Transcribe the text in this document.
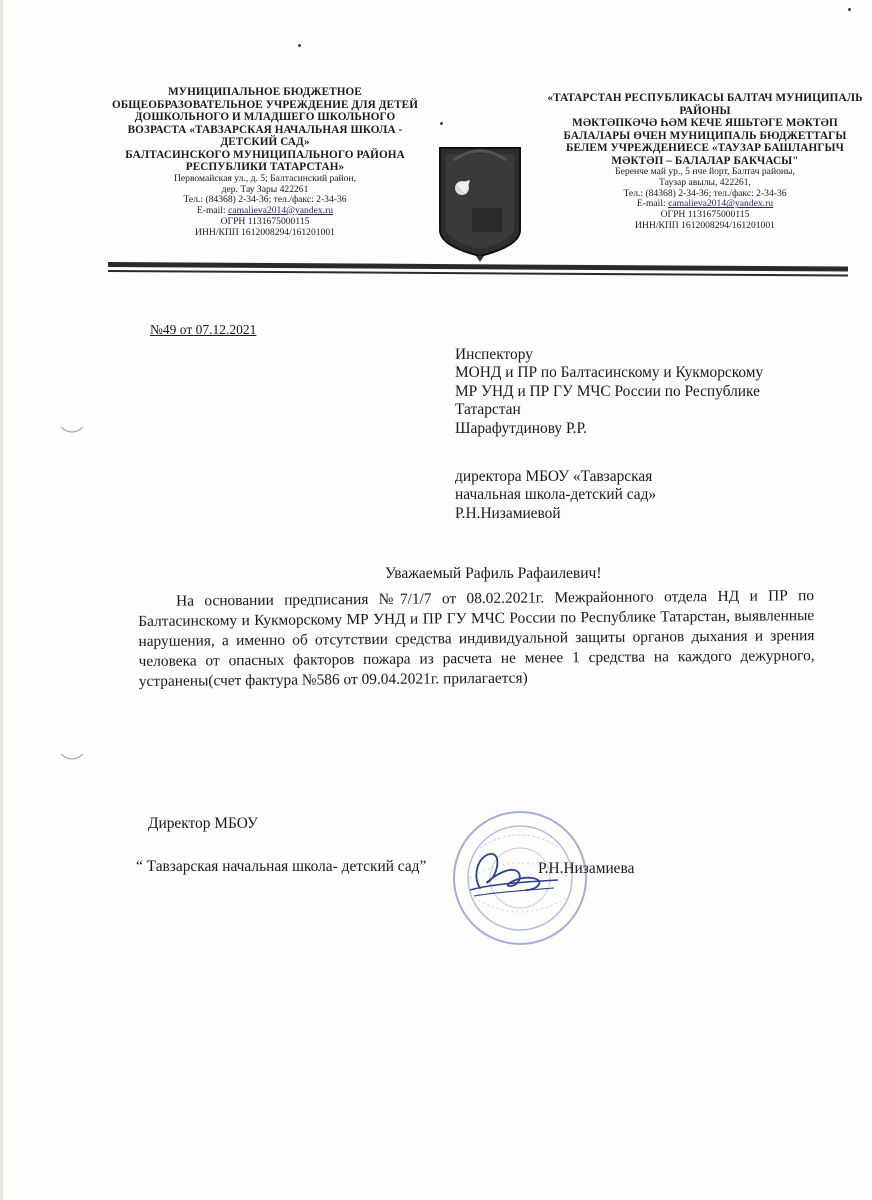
МУНИЦИПАЛЬНОЕ БЮДЖЕТНОЕ
ОБЩЕОБРАЗОВАТЕЛЬНОЕ УЧРЕЖДЕНИЕ ДЛЯ ДЕТЕЙ
ДОШКОЛЬНОГО И МЛАДШЕГО ШКОЛЬНОГО
ВОЗРАСТА «ТАВЗАРСКАЯ НАЧАЛЬНАЯ ШКОЛА -
ДЕТСКИЙ САД»
БАЛТАСИНСКОГО МУНИЦИПАЛЬНОГО РАЙОНА
РЕСПУБЛИКИ ТАТАРСТАН»
Первомайская ул., д. 5; Балтасинский район,
дер. Тау Зары 422261
Тел.: (84368) 2-34-36; тел./факс: 2-34-36
E-mail: camalieva2014@yandex.ru
ОГРН 1131675000115
ИНН/КПП 1612008294/161201001
«ТАТАРСТАН РЕСПУБЛИКАСЫ БАЛТАЧ МУНИЦИПАЛЬ
РАЙОНЫ
МӘКТӘПКӘЧӘ ҺӘМ КЕЧЕ ЯШЬТӘГЕ МӘКТӘП
БАЛАЛАРЫ ӨЧЕН МУНИЦИПАЛЬ БЮДЖЕТТАГЫ
БЕЛЕМ УЧРЕЖДЕНИЕСЕ «ТАУЗАР БАШЛАНГЫЧ
МӘКТӘП – БАЛАЛАР БАКЧАСЫ"
Беренче май ур., 5 нче йорт, Балтач районы,
Таузар авылы, 422261,
Тел.: (84368) 2-34-36; тел./факс: 2-34-36
E-mail: camalieva2014@yandex.ru
ОГРН 1131675000115
ИНН/КПП 1612008294/161201001
№49 от 07.12.2021
Инспектору
МОНД и ПР по Балтасинскому и Кукморскому
МР УНД и ПР ГУ МЧС России по Республике
Татарстан
Шарафутдинову Р.Р.
директора МБОУ «Тавзарская
начальная школа-детский сад»
Р.Н.Низамиевой
Уважаемый Рафиль Рафаилевич!
На основании предписания №7/1/7 от 08.02.2021г. Межрайонного отдела НД и ПР по Балтасинскому и Кукморскому МР УНД и ПР ГУ МЧС России по Республике Татарстан, выявленные нарушения, а именно об отсутствии средства индивидуальной защиты органов дыхания и зрения человека от опасных факторов пожара из расчета не менее 1 средства на каждого дежурного, устранены(счет фактура №586 от 09.04.2021г. прилагается)
Директор МБОУ
“ Тавзарская начальная школа- детский сад”	Р.Н.Низамиева
